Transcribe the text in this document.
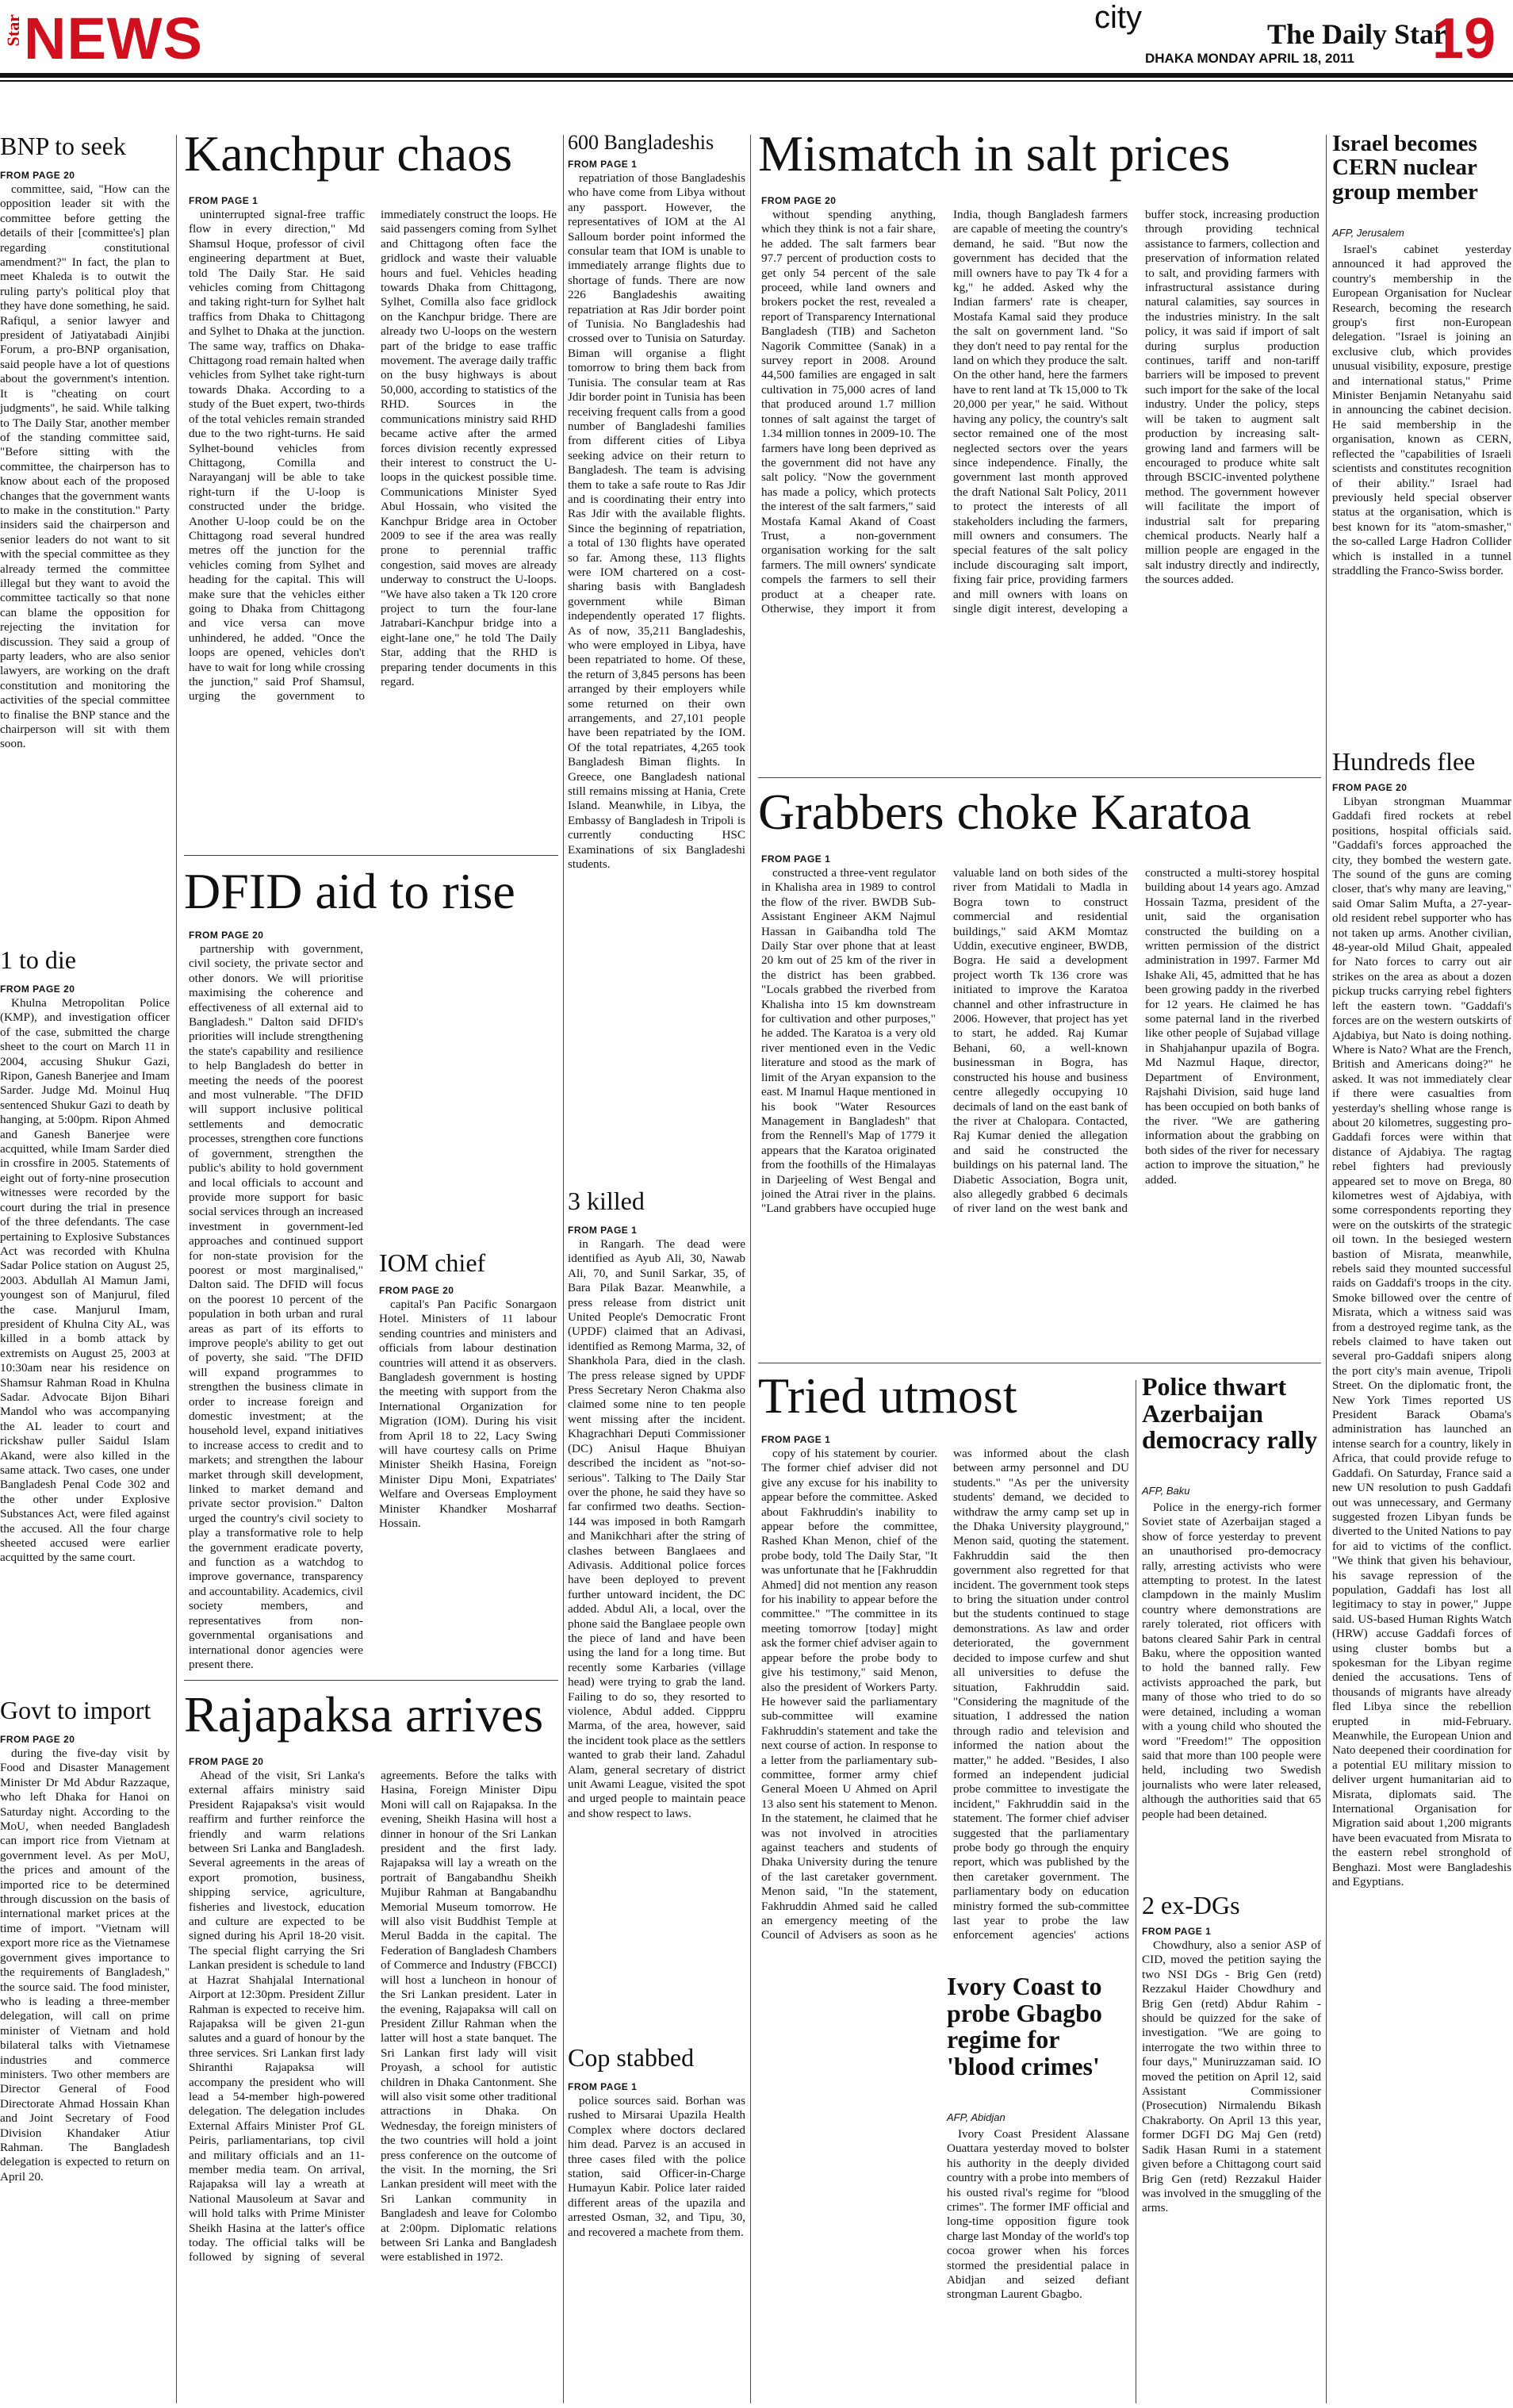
Star NEWS	city	The Daily Star
DHAKA MONDAY APRIL 18, 2011 19
BNP to seek
FROM PAGE 20

committee, said, "How can the opposition leader sit with the committee before getting the details of their [committee's] plan regarding constitutional amendment?" In fact, the plan to meet Khaleda is to outwit the ruling party's political ploy that they have done something, he said. Rafiqul, a senior lawyer and president of Jatiyatabadi Ainjibi Forum, a pro-BNP organisation, said people have a lot of questions about the government's intention. It is "cheating on court judgments", he said. While talking to The Daily Star, another member of the standing committee said, "Before sitting with the committee, the chairperson has to know about each of the proposed changes that the government wants to make in the constitution." Party insiders said the chairperson and senior leaders do not want to sit with the special committee as they already termed the committee illegal but they want to avoid the committee tactically so that none can blame the opposition for rejecting the invitation for discussion. They said a group of party leaders, who are also senior lawyers, are working on the draft constitution and monitoring the activities of the special committee to finalise the BNP stance and the chairperson will sit with them soon.

1 to die
FROM PAGE 20

Khulna Metropolitan Police (KMP), and investigation officer of the case, submitted the charge sheet to the court on March 11 in 2004, accusing Shukur Gazi, Ripon, Ganesh Banerjee and Imam Sarder. Judge Md. Moinul Huq sentenced Shukur Gazi to death by hanging, at 5:00pm. Ripon Ahmed and Ganesh Banerjee were acquitted, while Imam Sarder died in crossfire in 2005. Statements of eight out of forty-nine prosecution witnesses were recorded by the court during the trial in presence of the three defendants. The case pertaining to Explosive Substances Act was recorded with Khulna Sadar Police station on August 25, 2003. Abdullah Al Mamun Jami, youngest son of Manjurul, filed the case. Manjurul Imam, president of Khulna City AL, was killed in a bomb attack by extremists on August 25, 2003 at 10:30am near his residence on Shamsur Rahman Road in Khulna Sadar. Advocate Bijon Bihari Mandol who was accompanying the AL leader to court and rickshaw puller Saidul Islam Akand, were also killed in the same attack. Two cases, one under Bangladesh Penal Code 302 and the other under Explosive Substances Act, were filed against the accused. All the four charge sheeted accused were earlier acquitted by the same court.

Govt to import
FROM PAGE 20

during the five-day visit by Food and Disaster Management Minister Dr Md Abdur Razzaque, who left Dhaka for Hanoi on Saturday night. According to the MoU, when needed Bangladesh can import rice from Vietnam at government level. As per MoU, the prices and amount of the imported rice to be determined through discussion on the basis of international market prices at the time of import. "Vietnam will export more rice as the Vietnamese government gives importance to the requirements of Bangladesh," the source said. The food minister, who is leading a three-member delegation, will call on prime minister of Vietnam and hold bilateral talks with Vietnamese industries and commerce ministers. Two other members are Director General of Food Directorate Ahmad Hossain Khan and Joint Secretary of Food Division Khandaker Atiur Rahman. The Bangladesh delegation is expected to return on April 20.

Kanchpur chaos
FROM PAGE 1

uninterrupted signal-free traffic flow in every direction," Md Shamsul Hoque, professor of civil engineering department at Buet, told The Daily Star. He said vehicles coming from Chittagong and taking right-turn for Sylhet halt traffics from Dhaka to Chittagong and Sylhet to Dhaka at the junction. The same way, traffics on Dhaka-Chittagong road remain halted when vehicles from Sylhet take right-turn towards Dhaka. According to a study of the Buet expert, two-thirds of the total vehicles remain stranded due to the two right-turns. He said Sylhet-bound vehicles from Chittagong, Comilla and Narayanganj will be able to take right-turn if the U-loop is constructed under the bridge. Another U-loop could be on the Chittagong road several hundred metres off the junction for the vehicles coming from Sylhet and heading for the capital. This will make sure that the vehicles either going to Dhaka from Chittagong and vice versa can move unhindered, he added. "Once the loops are opened, vehicles don't have to wait for long while crossing the junction," said Prof Shamsul, urging the government to immediately construct the loops. He said passengers coming from Sylhet and Chittagong often face the gridlock and waste their valuable hours and fuel. Vehicles heading towards Dhaka from Chittagong, Sylhet, Comilla also face gridlock on the Kanchpur bridge. There are already two U-loops on the western part of the bridge to ease traffic movement. The average daily traffic on the busy highways is about 50,000, according to statistics of the RHD. Sources in the communications ministry said RHD became active after the armed forces division recently expressed their interest to construct the U-loops in the quickest possible time. Communications Minister Syed Abul Hossain, who visited the Kanchpur Bridge area in October 2009 to see if the area was really prone to perennial traffic congestion, said moves are already underway to construct the U-loops. "We have also taken a Tk 120 crore project to turn the four-lane Jatrabari-Kanchpur bridge into a eight-lane one," he told The Daily Star, adding that the RHD is preparing tender documents in this regard.

DFID aid to rise
FROM PAGE 20

partnership with government, civil society, the private sector and other donors. We will prioritise maximising the coherence and effectiveness of all external aid to Bangladesh." Dalton said DFID's priorities will include strengthening the state's capability and resilience to help Bangladesh do better in meeting the needs of the poorest and most vulnerable. "The DFID will support inclusive political settlements and democratic processes, strengthen core functions of government, strengthen the public's ability to hold government and local officials to account and provide more support for basic social services through an increased investment in government-led approaches and continued support for non-state provision for the poorest or most marginalised," Dalton said. The DFID will focus on the poorest 10 percent of the population in both urban and rural areas as part of its efforts to improve people's ability to get out of poverty, she said. "The DFID will expand programmes to strengthen the business climate in order to increase foreign and domestic investment; at the household level, expand initiatives to increase access to credit and to markets; and strengthen the labour market through skill development, linked to market demand and private sector provision." Dalton urged the country's civil society to play a transformative role to help the government eradicate poverty, and function as a watchdog to improve governance, transparency and accountability. Academics, civil society members, and representatives from non-governmental organisations and international donor agencies were present there.

IOM chief
FROM PAGE 20

capital's Pan Pacific Sonargaon Hotel. Ministers of 11 labour sending countries and ministers and officials from labour destination countries will attend it as observers. Bangladesh government is hosting the meeting with support from the International Organization for Migration (IOM). During his visit from April 18 to 22, Lacy Swing will have courtesy calls on Prime Minister Sheikh Hasina, Foreign Minister Dipu Moni, Expatriates' Welfare and Overseas Employment Minister Khandker Mosharraf Hossain.

Rajapaksa arrives
FROM PAGE 20

Ahead of the visit, Sri Lanka's external affairs ministry said President Rajapaksa's visit would reaffirm and further reinforce the friendly and warm relations between Sri Lanka and Bangladesh. Several agreements in the areas of export promotion, business, shipping service, agriculture, fisheries and livestock, education and culture are expected to be signed during his April 18-20 visit. The special flight carrying the Sri Lankan president is schedule to land at Hazrat Shahjalal International Airport at 12:30pm. President Zillur Rahman is expected to receive him. Rajapaksa will be given 21-gun salutes and a guard of honour by the three services. Sri Lankan first lady Shiranthi Rajapaksa will accompany the president who will lead a 54-member high-powered delegation. The delegation includes External Affairs Minister Prof GL Peiris, parliamentarians, top civil and military officials and an 11-member media team. On arrival, Rajapaksa will lay a wreath at National Mausoleum at Savar and will hold talks with Prime Minister Sheikh Hasina at the latter's office today. The official talks will be followed by signing of several agreements. Before the talks with Hasina, Foreign Minister Dipu Moni will call on Rajapaksa. In the evening, Sheikh Hasina will host a dinner in honour of the Sri Lankan president and the first lady. Rajapaksa will lay a wreath on the portrait of Bangabandhu Sheikh Mujibur Rahman at Bangabandhu Memorial Museum tomorrow. He will also visit Buddhist Temple at Merul Badda in the capital. The Federation of Bangladesh Chambers of Commerce and Industry (FBCCI) will host a luncheon in honour of the Sri Lankan president. Later in the evening, Rajapaksa will call on President Zillur Rahman when the latter will host a state banquet. The Sri Lankan first lady will visit Proyash, a school for autistic children in Dhaka Cantonment. She will also visit some other traditional attractions in Dhaka. On Wednesday, the foreign ministers of the two countries will hold a joint press conference on the outcome of the visit. In the morning, the Sri Lankan president will meet with the Sri Lankan community in Bangladesh and leave for Colombo at 2:00pm. Diplomatic relations between Sri Lanka and Bangladesh were established in 1972.

600 Bangladeshis
FROM PAGE 1

repatriation of those Bangladeshis who have come from Libya without any passport. However, the representatives of IOM at the Al Salloum border point informed the consular team that IOM is unable to immediately arrange flights due to shortage of funds. There are now 226 Bangladeshis awaiting repatriation at Ras Jdir border point of Tunisia. No Bangladeshis had crossed over to Tunisia on Saturday. Biman will organise a flight tomorrow to bring them back from Tunisia. The consular team at Ras Jdir border point in Tunisia has been receiving frequent calls from a good number of Bangladeshi families from different cities of Libya seeking advice on their return to Bangladesh. The team is advising them to take a safe route to Ras Jdir and is coordinating their entry into Ras Jdir with the available flights. Since the beginning of repatriation, a total of 130 flights have operated so far. Among these, 113 flights were IOM chartered on a cost-sharing basis with Bangladesh government while Biman independently operated 17 flights. As of now, 35,211 Bangladeshis, who were employed in Libya, have been repatriated to home. Of these, the return of 3,845 persons has been arranged by their employers while some returned on their own arrangements, and 27,101 people have been repatriated by the IOM. Of the total repatriates, 4,265 took Bangladesh Biman flights. In Greece, one Bangladesh national still remains missing at Hania, Crete Island. Meanwhile, in Libya, the Embassy of Bangladesh in Tripoli is currently conducting HSC Examinations of six Bangladeshi students.

3 killed
FROM PAGE 1

in Rangarh. The dead were identified as Ayub Ali, 30, Nawab Ali, 70, and Sunil Sarkar, 35, of Bara Pilak Bazar. Meanwhile, a press release from district unit United People's Democratic Front (UPDF) claimed that an Adivasi, identified as Remong Marma, 32, of Shankhola Para, died in the clash. The press release signed by UPDF Press Secretary Neron Chakma also claimed some nine to ten people went missing after the incident. Khagrachhari Deputi Commissioner (DC) Anisul Haque Bhuiyan described the incident as "not-so-serious". Talking to The Daily Star over the phone, he said they have so far confirmed two deaths. Section-144 was imposed in both Ramgarh and Manikchhari after the string of clashes between Banglaees and Adivasis. Additional police forces have been deployed to prevent further untoward incident, the DC added. Abdul Ali, a local, over the phone said the Banglaee people own the piece of land and have been using the land for a long time. But recently some Karbaries (village head) were trying to grab the land. Failing to do so, they resorted to violence, Abdul added. Cipppru Marma, of the area, however, said the incident took place as the settlers wanted to grab their land. Zahadul Alam, general secretary of district unit Awami League, visited the spot and urged people to maintain peace and show respect to laws.

Cop stabbed
FROM PAGE 1

police sources said. Borhan was rushed to Mirsarai Upazila Health Complex where doctors declared him dead. Parvez is an accused in three cases filed with the police station, said Officer-in-Charge Humayun Kabir. Police later raided different areas of the upazila and arrested Osman, 32, and Tipu, 30, and recovered a machete from them.

Mismatch in salt prices
FROM PAGE 20

without spending anything, which they think is not a fair share, he added. The salt farmers bear 97.7 percent of production costs to get only 54 percent of the sale proceed, while land owners and brokers pocket the rest, revealed a report of Transparency International Bangladesh (TIB) and Sacheton Nagorik Committee (Sanak) in a survey report in 2008. Around 44,500 families are engaged in salt cultivation in 75,000 acres of land that produced around 1.7 million tonnes of salt against the target of 1.34 million tonnes in 2009-10. The farmers have long been deprived as the government did not have any salt policy. "Now the government has made a policy, which protects the interest of the salt farmers," said Mostafa Kamal Akand of Coast Trust, a non-government organisation working for the salt farmers. The mill owners' syndicate compels the farmers to sell their product at a cheaper rate. Otherwise, they import it from India, though Bangladesh farmers are capable of meeting the country's demand, he said. "But now the government has decided that the mill owners have to pay Tk 4 for a kg," he added. Asked why the Indian farmers' rate is cheaper, Mostafa Kamal said they produce the salt on government land. "So they don't need to pay rental for the land on which they produce the salt. On the other hand, here the farmers have to rent land at Tk 15,000 to Tk 20,000 per year," he said. Without having any policy, the country's salt sector remained one of the most neglected sectors over the years since independence. Finally, the government last month approved the draft National Salt Policy, 2011 to protect the interests of all stakeholders including the farmers, mill owners and consumers. The special features of the salt policy include discouraging salt import, fixing fair price, providing farmers and mill owners with loans on single digit interest, developing a buffer stock, increasing production through providing technical assistance to farmers, collection and preservation of information related to salt, and providing farmers with infrastructural assistance during natural calamities, say sources in the industries ministry. In the salt policy, it was said if import of salt during surplus production continues, tariff and non-tariff barriers will be imposed to prevent such import for the sake of the local industry. Under the policy, steps will be taken to augment salt production by increasing salt-growing land and farmers will be encouraged to produce white salt through BSCIC-invented polythene method. The government however will facilitate the import of industrial salt for preparing chemical products. Nearly half a million people are engaged in the salt industry directly and indirectly, the sources added.

Grabbers choke Karatoa
FROM PAGE 1

constructed a three-vent regulator in Khalisha area in 1989 to control the flow of the river. BWDB Sub-Assistant Engineer AKM Najmul Hassan in Gaibandha told The Daily Star over phone that at least 20 km out of 25 km of the river in the district has been grabbed. "Locals grabbed the riverbed from Khalisha into 15 km downstream for cultivation and other purposes," he added. The Karatoa is a very old river mentioned even in the Vedic literature and stood as the mark of limit of the Aryan expansion to the east. M Inamul Haque mentioned in his book "Water Resources Management in Bangladesh" that from the Rennell's Map of 1779 it appears that the Karatoa originated from the foothills of the Himalayas in Darjeeling of West Bengal and joined the Atrai river in the plains. "Land grabbers have occupied huge valuable land on both sides of the river from Matidali to Madla in Bogra town to construct commercial and residential buildings," said AKM Momtaz Uddin, executive engineer, BWDB, Bogra. He said a development project worth Tk 136 crore was initiated to improve the Karatoa channel and other infrastructure in 2006. However, that project has yet to start, he added. Raj Kumar Behani, 60, a well-known businessman in Bogra, has constructed his house and business centre allegedly occupying 10 decimals of land on the east bank of the river at Chalopara. Contacted, Raj Kumar denied the allegation and said he constructed the buildings on his paternal land. The Diabetic Association, Bogra unit, also allegedly grabbed 6 decimals of river land on the west bank and constructed a multi-storey hospital building about 14 years ago. Amzad Hossain Tazma, president of the unit, said the organisation constructed the building on a written permission of the district administration in 1997. Farmer Md Ishake Ali, 45, admitted that he has been growing paddy in the riverbed for 12 years. He claimed he has some paternal land in the riverbed like other people of Sujabad village in Shahjahanpur upazila of Bogra. Md Nazmul Haque, director, Department of Environment, Rajshahi Division, said huge land has been occupied on both banks of the river. "We are gathering information about the grabbing on both sides of the river for necessary action to improve the situation," he added.

Tried utmost
FROM PAGE 1

copy of his statement by courier. The former chief adviser did not give any excuse for his inability to appear before the committee. Asked about Fakhruddin's inability to appear before the committee, Rashed Khan Menon, chief of the probe body, told The Daily Star, "It was unfortunate that he [Fakhruddin Ahmed] did not mention any reason for his inability to appear before the committee." "The committee in its meeting tomorrow [today] might ask the former chief adviser again to appear before the probe body to give his testimony," said Menon, also the president of Workers Party. He however said the parliamentary sub-committee will examine Fakhruddin's statement and take the next course of action. In response to a letter from the parliamentary sub-committee, former army chief General Moeen U Ahmed on April 13 also sent his statement to Menon. In the statement, he claimed that he was not involved in atrocities against teachers and students of Dhaka University during the tenure of the last caretaker government. Menon said, "In the statement, Fakhruddin Ahmed said he called an emergency meeting of the Council of Advisers as soon as he was informed about the clash between army personnel and DU students." "As per the university students' demand, we decided to withdraw the army camp set up in the Dhaka University playground," Menon said, quoting the statement. Fakhruddin said the then government also regretted for that incident. The government took steps to bring the situation under control but the students continued to stage demonstrations. As law and order deteriorated, the government decided to impose curfew and shut all universities to defuse the situation, Fakhruddin said. "Considering the magnitude of the situation, I addressed the nation through radio and television and informed the nation about the matter," he added. "Besides, I also formed an independent judicial probe committee to investigate the incident," Fakhruddin said in the statement. The former chief adviser suggested that the parliamentary probe body go through the enquiry report, which was published by the then caretaker government. The parliamentary body on education ministry formed the sub-committee last year to probe the law enforcement agencies' actions

Ivory Coast to probe Gbagbo regime for 'blood crimes'
AFP, Abidjan

Ivory Coast President Alassane Ouattara yesterday moved to bolster his authority in the deeply divided country with a probe into members of his ousted rival's regime for "blood crimes". The former IMF official and long-time opposition figure took charge last Monday of the world's top cocoa grower when his forces stormed the presidential palace in Abidjan and seized defiant strongman Laurent Gbagbo.

Police thwart Azerbaijan democracy rally
AFP, Baku

Police in the energy-rich former Soviet state of Azerbaijan staged a show of force yesterday to prevent an unauthorised pro-democracy rally, arresting activists who were attempting to protest. In the latest clampdown in the mainly Muslim country where demonstrations are rarely tolerated, riot officers with batons cleared Sahir Park in central Baku, where the opposition wanted to hold the banned rally. Few activists approached the park, but many of those who tried to do so were detained, including a woman with a young child who shouted the word "Freedom!" The opposition said that more than 100 people were held, including two Swedish journalists who were later released, although the authorities said that 65 people had been detained.

2 ex-DGs
FROM PAGE 1

Chowdhury, also a senior ASP of CID, moved the petition saying the two NSI DGs - Brig Gen (retd) Rezzakul Haider Chowdhury and Brig Gen (retd) Abdur Rahim - should be quizzed for the sake of investigation. "We are going to interrogate the two within three to four days," Muniruzzaman said. IO moved the petition on April 12, said Assistant Commissioner (Prosecution) Nirmalendu Bikash Chakraborty. On April 13 this year, former DGFI DG Maj Gen (retd) Sadik Hasan Rumi in a statement given before a Chittagong court said Brig Gen (retd) Rezzakul Haider was involved in the smuggling of the arms.

Israel becomes CERN nuclear group member
AFP, Jerusalem

Israel's cabinet yesterday announced it had approved the country's membership in the European Organisation for Nuclear Research, becoming the research group's first non-European delegation. "Israel is joining an exclusive club, which provides unusual visibility, exposure, prestige and international status," Prime Minister Benjamin Netanyahu said in announcing the cabinet decision. He said membership in the organisation, known as CERN, reflected the "capabilities of Israeli scientists and constitutes recognition of their ability." Israel had previously held special observer status at the organisation, which is best known for its "atom-smasher," the so-called Large Hadron Collider which is installed in a tunnel straddling the Franco-Swiss border.

Hundreds flee
FROM PAGE 20

Libyan strongman Muammar Gaddafi fired rockets at rebel positions, hospital officials said. "Gaddafi's forces approached the city, they bombed the western gate. The sound of the guns are coming closer, that's why many are leaving," said Omar Salim Mufta, a 27-year-old resident rebel supporter who has not taken up arms. Another civilian, 48-year-old Milud Ghait, appealed for Nato forces to carry out air strikes on the area as about a dozen pickup trucks carrying rebel fighters left the eastern town. "Gaddafi's forces are on the western outskirts of Ajdabiya, but Nato is doing nothing. Where is Nato? What are the French, British and Americans doing?" he asked. It was not immediately clear if there were casualties from yesterday's shelling whose range is about 20 kilometres, suggesting pro-Gaddafi forces were within that distance of Ajdabiya. The ragtag rebel fighters had previously appeared set to move on Brega, 80 kilometres west of Ajdabiya, with some correspondents reporting they were on the outskirts of the strategic oil town. In the besieged western bastion of Misrata, meanwhile, rebels said they mounted successful raids on Gaddafi's troops in the city. Smoke billowed over the centre of Misrata, which a witness said was from a destroyed regime tank, as the rebels claimed to have taken out several pro-Gaddafi snipers along the port city's main avenue, Tripoli Street. On the diplomatic front, the New York Times reported US President Barack Obama's administration has launched an intense search for a country, likely in Africa, that could provide refuge to Gaddafi. On Saturday, France said a new UN resolution to push Gaddafi out was unnecessary, and Germany suggested frozen Libyan funds be diverted to the United Nations to pay for aid to victims of the conflict. "We think that given his behaviour, his savage repression of the population, Gaddafi has lost all legitimacy to stay in power," Juppe said. US-based Human Rights Watch (HRW) accuse Gaddafi forces of using cluster bombs but a spokesman for the Libyan regime denied the accusations. Tens of thousands of migrants have already fled Libya since the rebellion erupted in mid-February. Meanwhile, the European Union and Nato deepened their coordination for a potential EU military mission to deliver urgent humanitarian aid to Misrata, diplomats said. The International Organisation for Migration said about 1,200 migrants have been evacuated from Misrata to the eastern rebel stronghold of Benghazi. Most were Bangladeshis and Egyptians.
